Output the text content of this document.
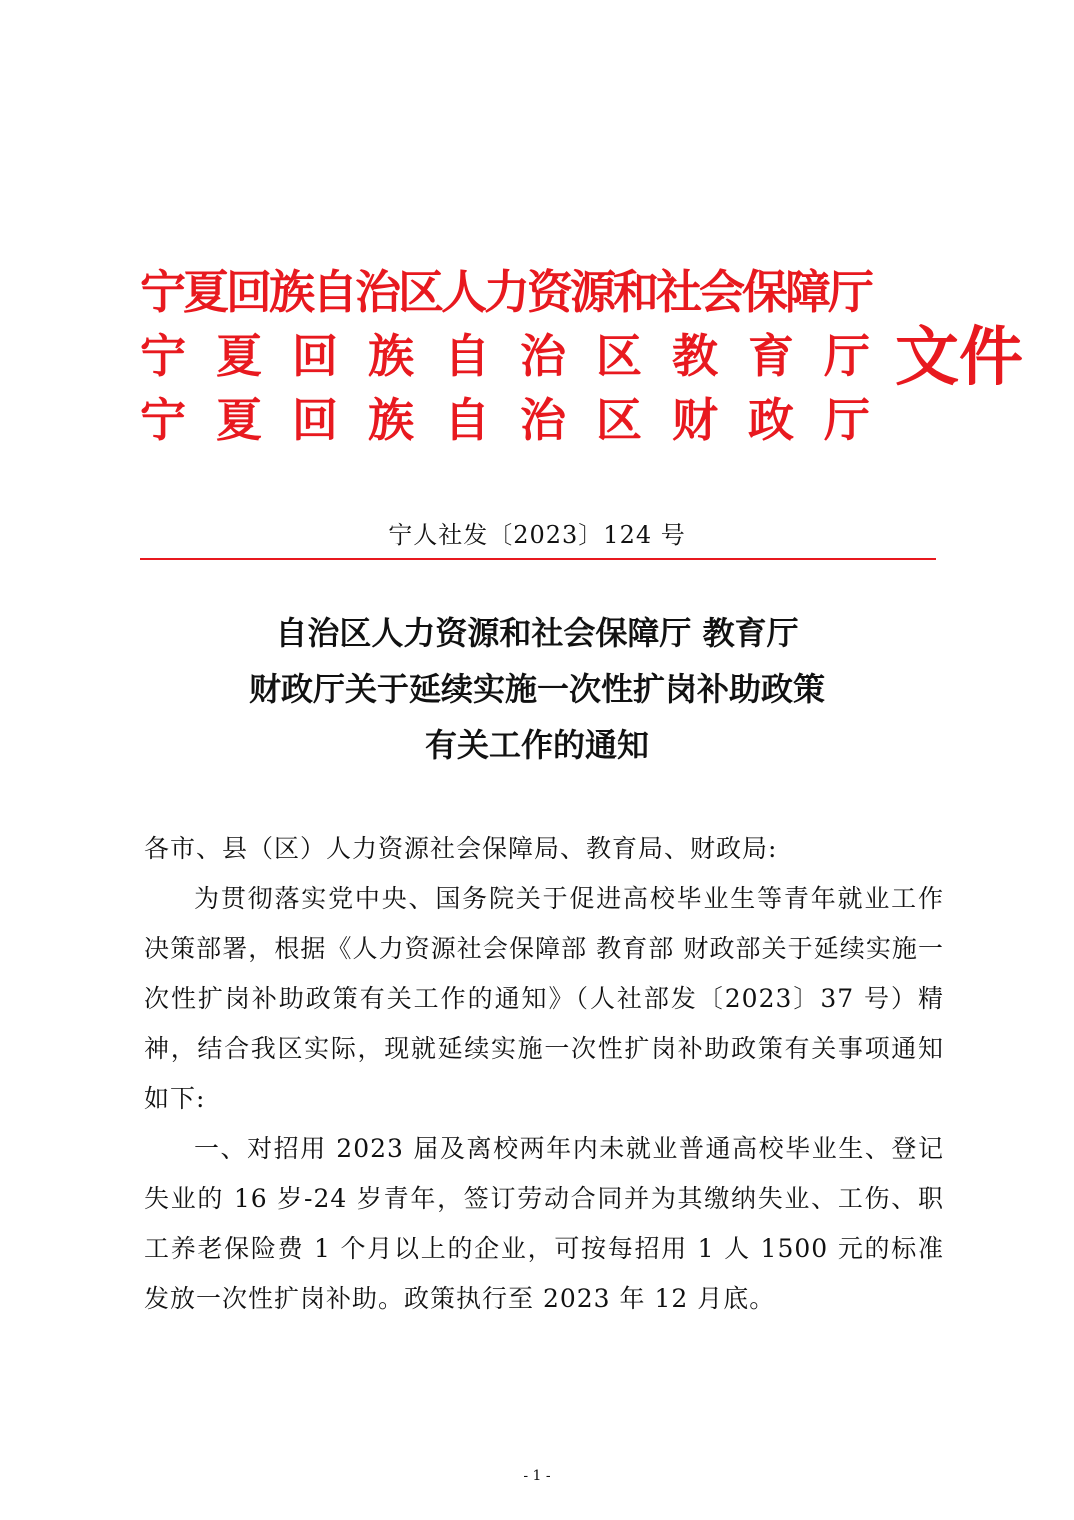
宁夏回族自治区人力资源和社会保障厅
宁 夏 回 族 自 治 区 教 育 厅
宁 夏 回 族 自 治 区 财 政 厅
文件
宁人社发〔2023〕124 号
自治区人力资源和社会保障厅 教育厅
财政厅关于延续实施一次性扩岗补助政策
有关工作的通知

各市、县（区）人力资源社会保障局、教育局、财政局:

为贯彻落实党中央、国务院关于促进高校毕业生等青年就业工作决策部署，根据《人力资源社会保障部 教育部 财政部关于延续实施一次性扩岗补助政策有关工作的通知》（人社部发〔2023〕37 号）精神，结合我区实际，现就延续实施一次性扩岗补助政策有关事项通知如下:

一、对招用 2023 届及离校两年内未就业普通高校毕业生、登记失业的 16 岁-24 岁青年，签订劳动合同并为其缴纳失业、工伤、职工养老保险费 1 个月以上的企业，可按每招用 1 人 1500 元的标准发放一次性扩岗补助。政策执行至 2023 年 12 月底。

- 1 -
